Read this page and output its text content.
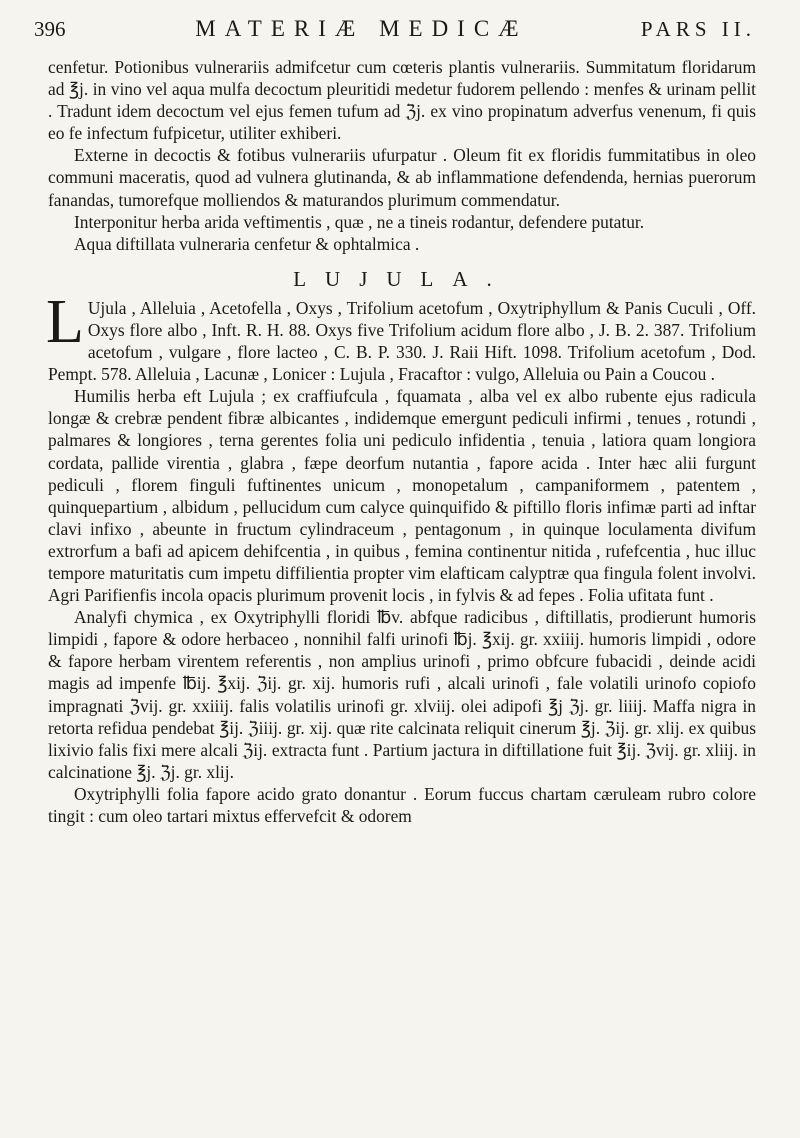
396	MATERIÆ MEDICÆ	PARS II.

cenfetur. Potionibus vulnerariis admifcetur cum cœteris plantis vulnerariis. Summitatum floridarum ad ℥j. in vino vel aqua mulfa decoctum pleuritidi medetur fudorem pellendo : menfes & urinam pellit . Tradunt idem decoctum vel ejus femen tufum ad ℨj. ex vino propinatum adverfus venenum, fi quis eo fe infectum fufpicetur, utiliter exhiberi.

Externe in decoctis & fotibus vulnerariis ufurpatur . Oleum fit ex floridis fummitatibus in oleo communi maceratis, quod ad vulnera glutinanda, & ab inflammatione defendenda, hernias puerorum fanandas, tumorefque molliendos & maturandos plurimum commendatur.

Interponitur herba arida veftimentis , quæ , ne a tineis rodantur, defendere putatur.

Aqua diftillata vulneraria cenfetur & ophtalmica .

LUJULA.

L Ujula , Alleluia , Acetofella , Oxys , Trifolium acetofum , Oxytriphyllum & Panis Cuculi , Off. Oxys flore albo , Inft. R. H. 88. Oxys five Trifolium acidum flore albo , J. B. 2. 387. Trifolium acetofum , vulgare , flore lacteo , C. B. P. 330. J. Raii Hift. 1098. Trifolium acetofum , Dod. Pempt. 578. Alleluia , Lacunæ , Lonicer : Lujula , Fracaftor : vulgo, Alleluia ou Pain a Coucou .

Humilis herba eft Lujula ; ex craffiufcula , fquamata , alba vel ex albo rubente ejus radicula longæ & crebræ pendent fibræ albicantes , indidemque emergunt pediculi infirmi , tenues , rotundi , palmares & longiores , terna gerentes folia uni pediculo infidentia , tenuia , latiora quam longiora cordata, pallide virentia , glabra , fæpe deorfum nutantia , fapore acida . Inter hæc alii furgunt pediculi , florem finguli fuftinentes unicum , monopetalum , campaniformem , patentem , quinquepartium , albidum , pellucidum cum calyce quinquifido & piftillo floris infimæ parti ad inftar clavi infixo , abeunte in fructum cylindraceum , pentagonum , in quinque loculamenta divifum extrorfum a bafi ad apicem dehifcentia , in quibus , femina continentur nitida , rufefcentia , huc illuc tempore maturitatis cum impetu diffilientia propter vim elafticam calyptræ qua fingula folent involvi. Agri Parifienfis incola opacis plurimum provenit locis , in fylvis & ad fepes . Folia ufitata funt .

Analyfi chymica , ex Oxytriphylli floridi ℔v. abfque radicibus , diftillatis, prodierunt humoris limpidi , fapore & odore herbaceo , nonnihil falfi urinofi ℔j. ℥xij. gr. xxiiij. humoris limpidi , odore & fapore herbam virentem referentis , non amplius urinofi , primo obfcure fubacidi , deinde acidi magis ad impenfe ℔ij. ℥xij. ℨij. gr. xij. humoris rufi , alcali urinofi , fale volatili urinofo copiofo impragnati ℨvij. gr. xxiiij. falis volatilis urinofi gr. xlviij. olei adipofi ℥j ℨj. gr. liiij. Maffa nigra in retorta refidua pendebat ℥ij. ℨiiij. gr. xij. quæ rite calcinata reliquit cinerum ℥j. ℨij. gr. xlij. ex quibus lixivio falis fixi mere alcali ℨij. extracta funt . Partium jactura in diftillatione fuit ℥ij. ℨvij. gr. xliij. in calcinatione ℥j. ℨj. gr. xlij.

Oxytriphylli folia fapore acido grato donantur . Eorum fuccus chartam cæruleam rubro colore tingit : cum oleo tartari mixtus effervefcit & odorem
